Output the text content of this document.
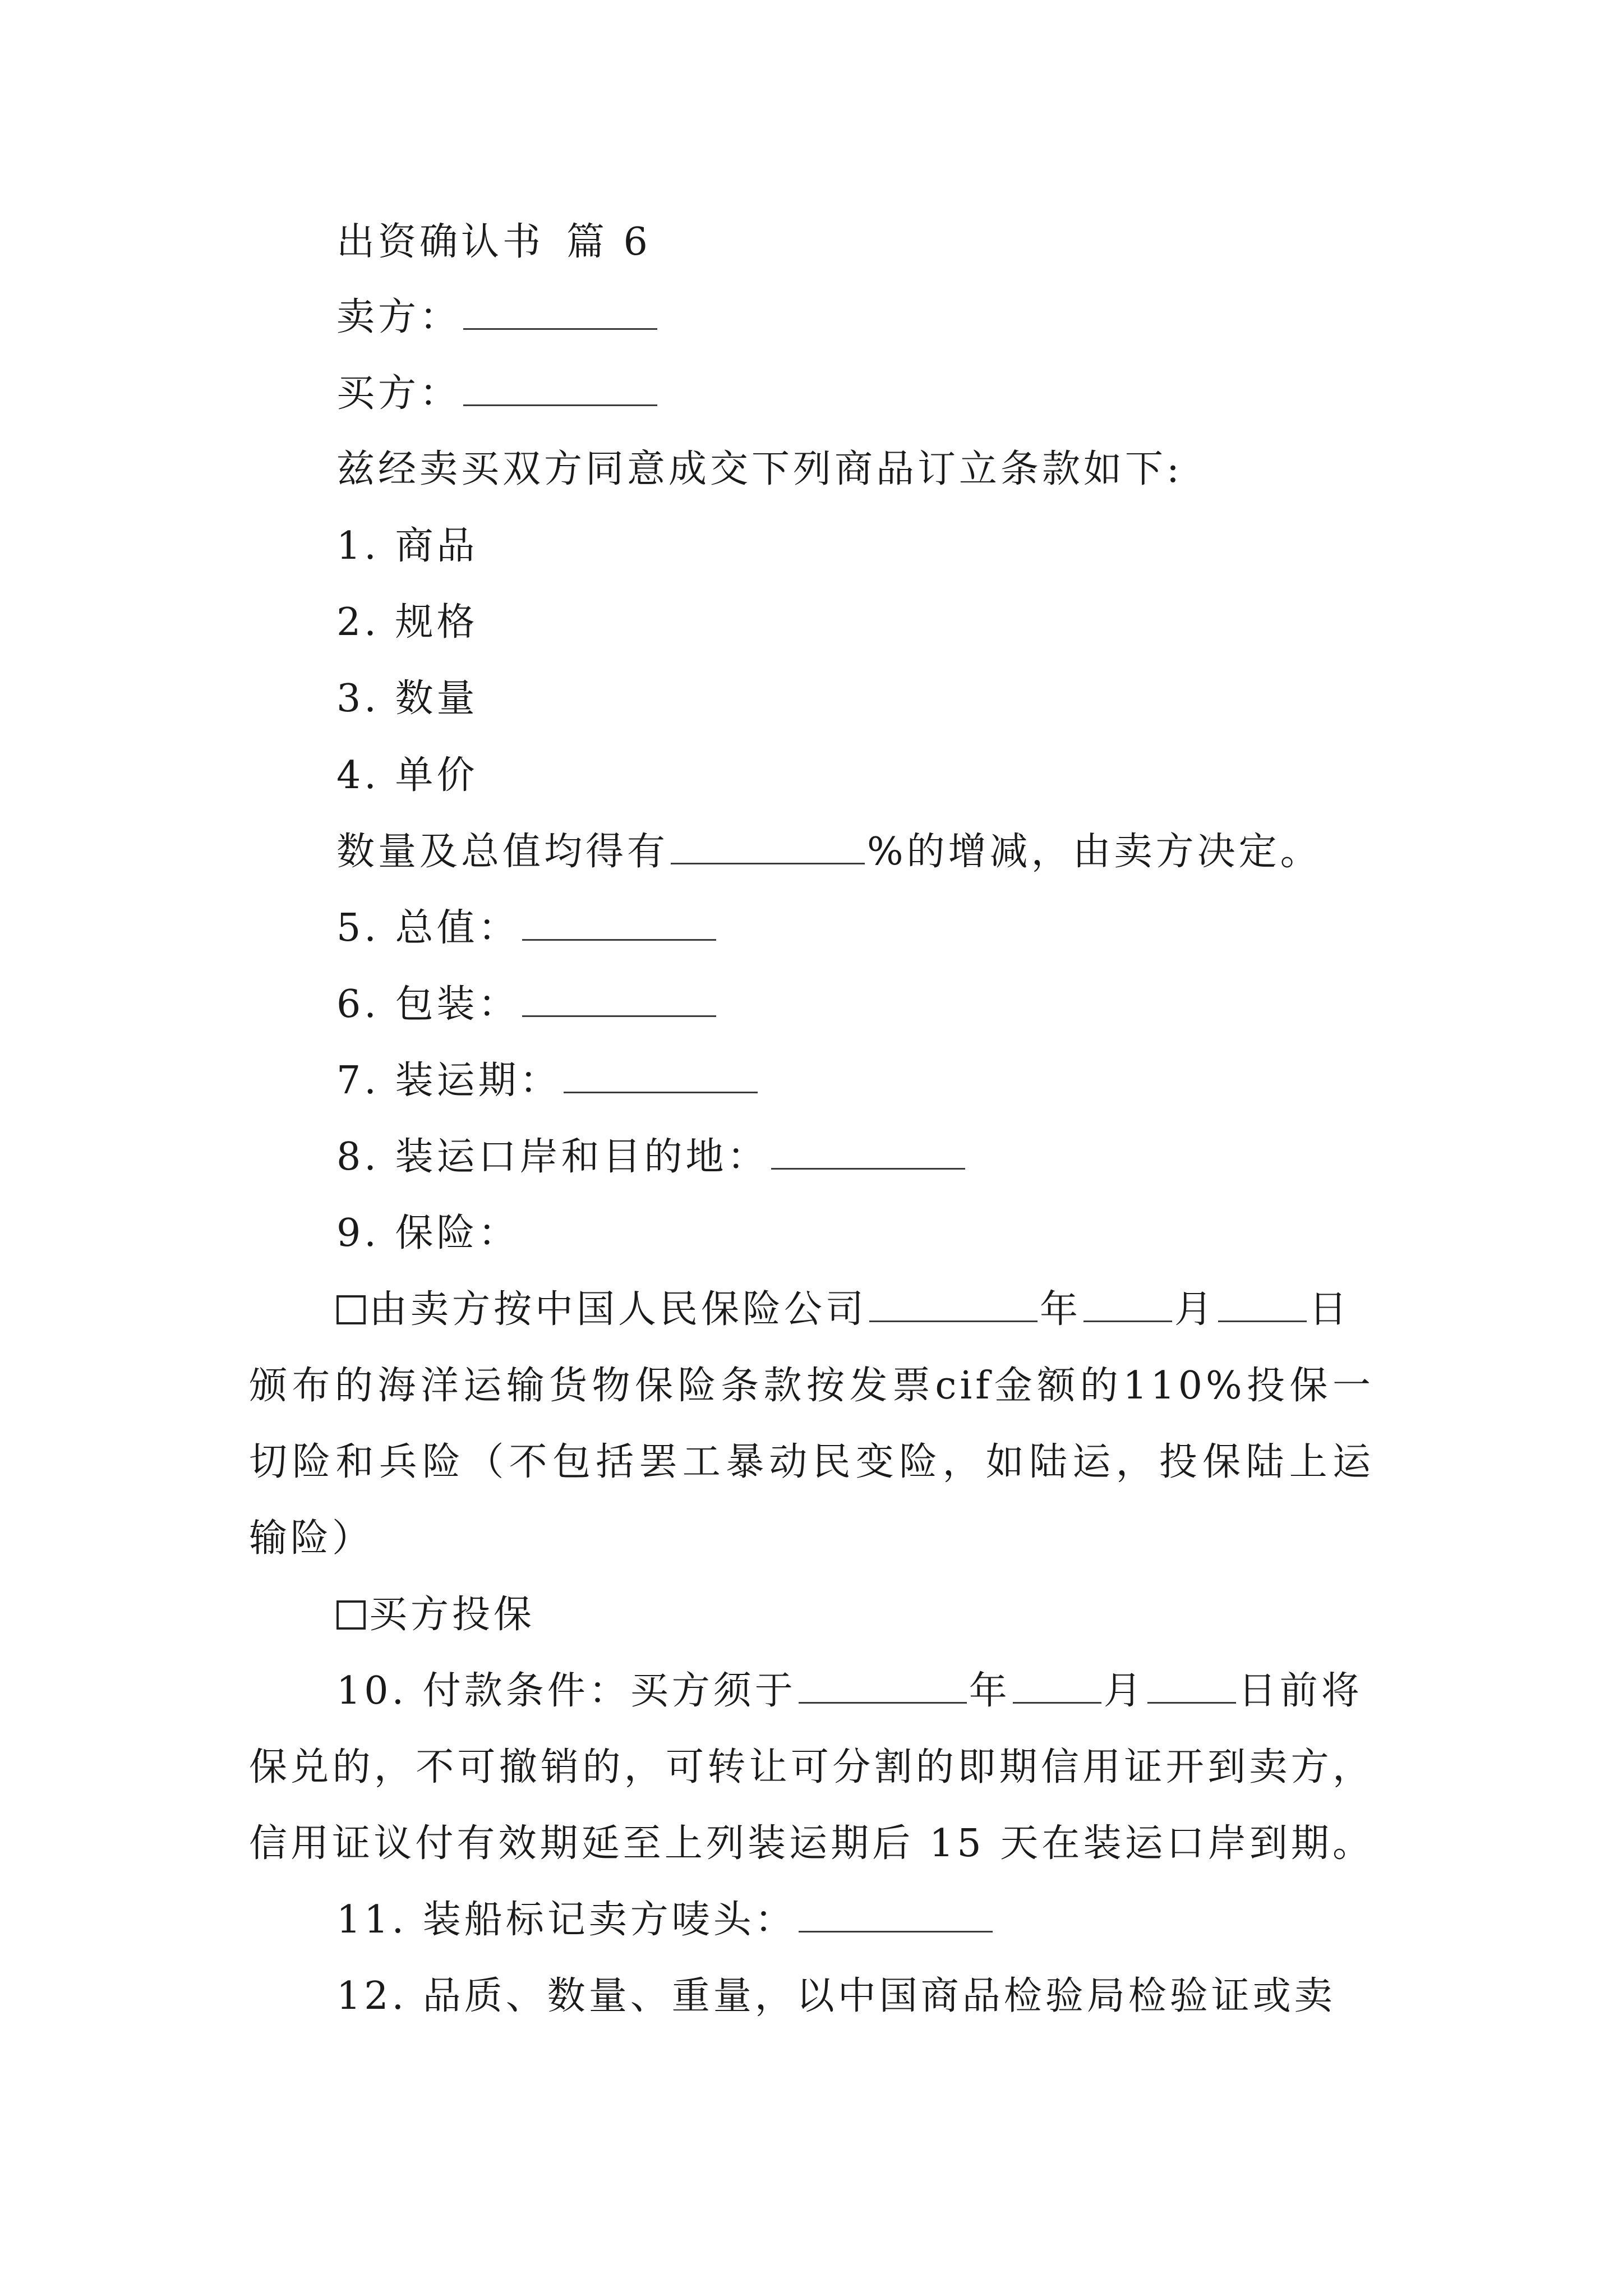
出资确认书 篇 6
卖方：
买方：
兹经卖买双方同意成交下列商品订立条款如下:
1. 商品
2. 规格
3. 数量
4. 单价
数量及总值均得有	%的增减，由卖方决定。
5. 总值：
6. 包装：
7. 装运期：
8. 装运口岸和目的地：
9. 保险：
由卖方按中国人民保险公司	年 月 日
颁布的海洋运输货物保险条款按发票cif金额的110%投保一
切险和兵险（不包括罢工暴动民变险，如陆运，投保陆上运
输险）
买方投保
10. 付款条件：买方须于	年 月 日前将
保兑的，不可撤销的，可转让可分割的即期信用证开到卖方，
信用证议付有效期延至上列装运期后 15 天在装运口岸到期。
11. 装船标记卖方唛头：
12. 品质、数量、重量，以中国商品检验局检验证或卖
